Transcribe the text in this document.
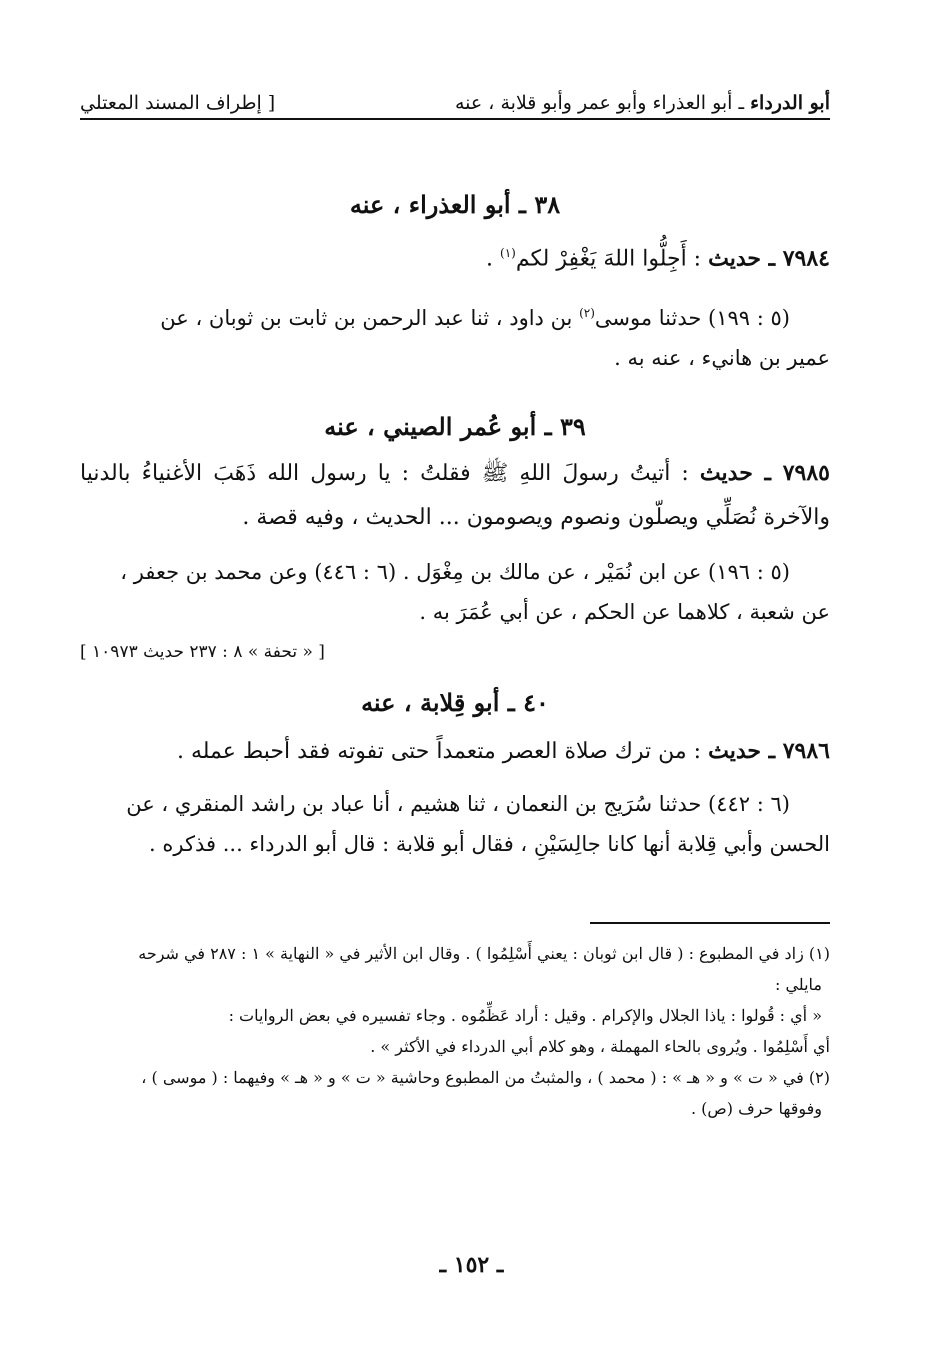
أبو الدرداء ـ أبو العذراء وأبو عمر وأبو قلابة ، عنه
[ إطراف المسند المعتلي

٣٨ ـ أبو العذراء ، عنه

٧٩٨٤ ـ حديث : أَجِلُّوا اللهَ يَغْفِرْ لكم$^{(١)}$ .

(٥ : ١٩٩) حدثنا موسى$^{(٢)}$ بن داود ، ثنا عبد الرحمن بن ثابت بن ثوبان ، عن

عمير بن هانيء ، عنه به .

٣٩ ـ أبو عُمر الصيني ، عنه

٧٩٨٥ ـ حديث : أتيتُ رسولَ اللهِ ﷺ فقلتُ : يا رسول الله ذَهَبَ الأغنياءُ بالدنيا والآخرة نُصَلِّي ويصلّون ونصوم ويصومون ... الحديث ، وفيه قصة .

(٥ : ١٩٦) عن ابن نُمَيْر ، عن مالك بن مِغْوَل . (٦ : ٤٤٦) وعن محمد بن جعفر ،

عن شعبة ، كلاهما عن الحكم ، عن أبي عُمَرَ به .

[ « تحفة » ٨ : ٢٣٧ حديث ١٠٩٧٣ ]

٤٠ ـ أبو قِلابة ، عنه

٧٩٨٦ ـ حديث : من ترك صلاة العصر متعمداً حتى تفوته فقد أحبط عمله .

(٦ : ٤٤٢) حدثنا سُرَيج بن النعمان ، ثنا هشيم ، أنا عباد بن راشد المنقري ، عن

الحسن وأبي قِلابة أنها كانا جالِسَيْنِ ، فقال أبو قلابة : قال أبو الدرداء ... فذكره .

(١) زاد في المطبوع : ( قال ابن ثوبان : يعني أَسْلِمُوا ) . وقال ابن الأثير في « النهاية » ١ : ٢٨٧ في شرحه

مايلي :

« أي : قُولوا : ياذا الجلال والإكرام . وقيل : أراد عَظِّمُوه . وجاء تفسيره في بعض الروايات :

أي أَسْلِمُوا . ويُروى بالحاء المهملة ، وهو كلام أبي الدرداء في الأكثر » .

(٢) في « ت » و « هـ » : ( محمد ) ، والمثبتُ من المطبوع وحاشية « ت » و « هـ » وفيهما : ( موسى ) ،

وفوقها حرف (ص) .

ـ ١٥٢ ـ
